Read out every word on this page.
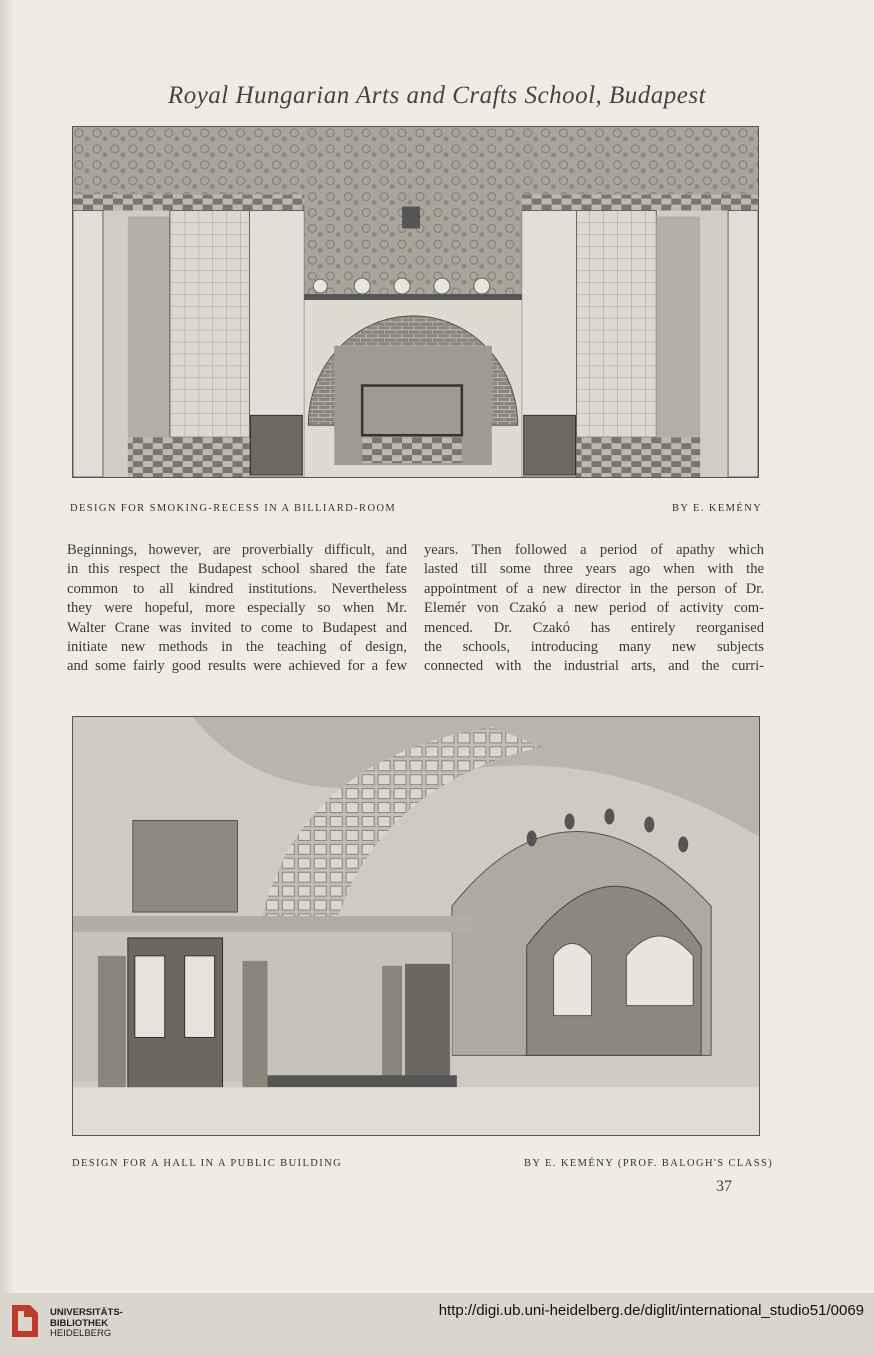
Royal Hungarian Arts and Crafts School, Budapest
DESIGN FOR SMOKING-RECESS IN A BILLIARD-ROOM	BY E. KEMÉNY
Beginnings, however, are proverbially difficult, and
in this respect the Budapest school shared the fate
common to all kindred institutions. Nevertheless
they were hopeful, more especially so when Mr.
Walter Crane was invited to come to Budapest and
initiate new methods in the teaching of design,
and some fairly good results were achieved for a few
years. Then followed a period of apathy which
lasted till some three years ago when with the
appointment of a new director in the person of Dr.
Elemér von Czakó a new period of activity com-
menced. Dr. Czakó has entirely reorganised
the schools, introducing many new subjects
connected with the industrial arts, and the curri-
DESIGN FOR A HALL IN A PUBLIC BUILDING	BY E. KEMÉNY (PROF. BALOGH'S CLASS)
37
UNIVERSITÄTS-
BIBLIOTHEK
HEIDELBERG
http://digi.ub.uni-heidelberg.de/diglit/international_studio51/0069
